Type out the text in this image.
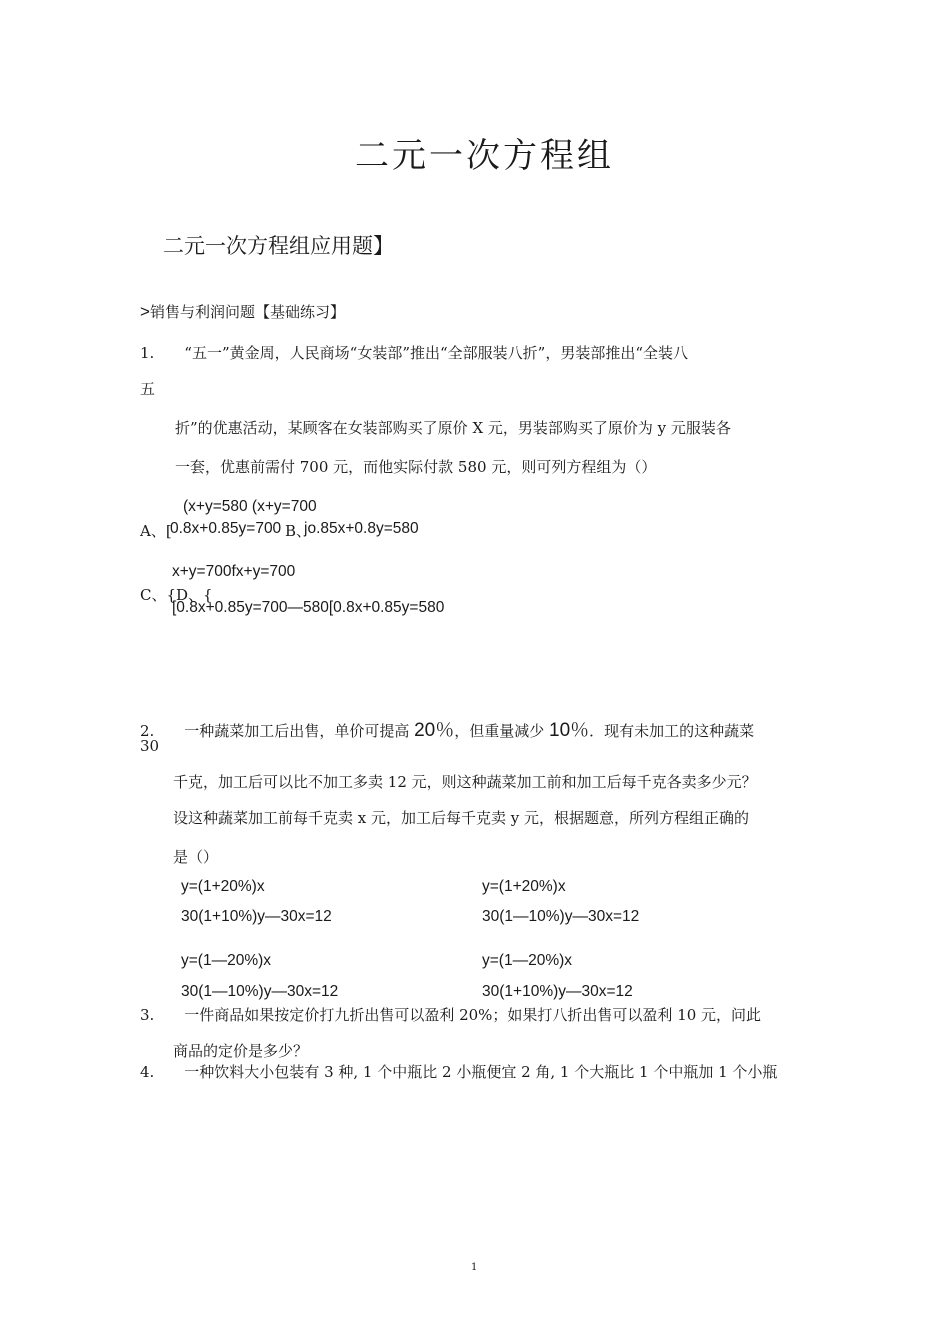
二元一次方程组
二元一次方程组应用题】
>销售与利润问题【基础练习】
1.　　“五一”黄金周，人民商场“女装部”推出“全部服装八折”，男装部推出“全装八
五
折”的优惠活动，某顾客在女装部购买了原价 X 元，男装部购买了原价为 y 元服装各
一套，优惠前需付 700 元，而他实际付款 580 元，则可列方程组为（）
(x+y=580 (x+y=700
A、[
0.8x+0.85y=700 B、
jo.85x+0.8y=580
x+y=700fx+y=700
C、{D、{
[0.8x+0.85y=700—580[0.8x+0.85y=580
2.　　一种蔬菜加工后出售，单价可提高 20％，但重量减少 10％．现有未加工的这种蔬菜
30
千克，加工后可以比不加工多卖 12 元，则这种蔬菜加工前和加工后每千克各卖多少元？
设这种蔬菜加工前每千克卖 x 元，加工后每千克卖 y 元，根据题意，所列方程组正确的
是（）
y=(1+20%)x
30(1+10%)y—30x=12
y=(1+20%)x
30(1—10%)y—30x=12
y=(1—20%)x
30(1—10%)y—30x=12
y=(1—20%)x
30(1+10%)y—30x=12
3.　　一件商品如果按定价打九折出售可以盈利 20%；如果打八折出售可以盈利 10 元，问此
商品的定价是多少？
4.　　一种饮料大小包装有 3 种, 1 个中瓶比 2 小瓶便宜 2 角, 1 个大瓶比 1 个中瓶加 1 个小瓶
1
